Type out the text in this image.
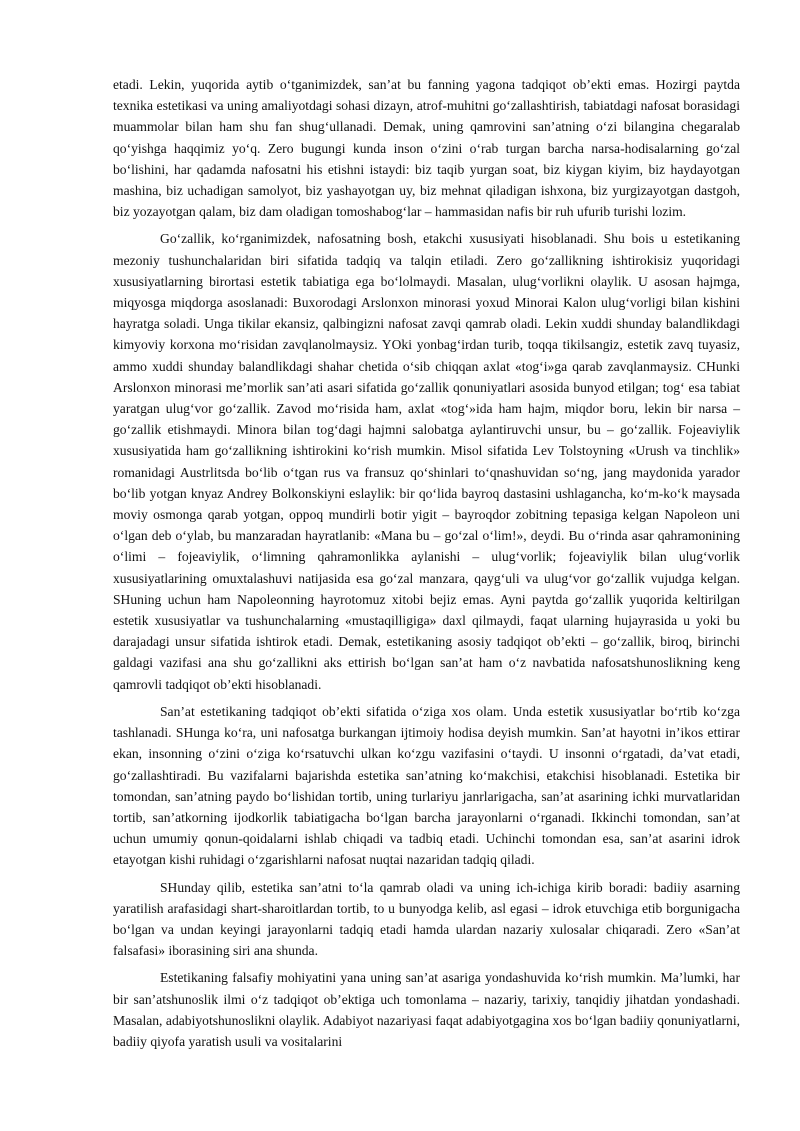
etadi. Lekin, yuqorida aytib o‘tganimizdek, san’at bu fanning yagona tadqiqot ob’ekti emas. Hozirgi paytda texnika estetikasi va uning amaliyotdagi sohasi dizayn, atrof-muhitni go‘zallashtirish, tabiatdagi nafosat borasidagi muammolar bilan ham shu fan shug‘ullanadi. Demak, uning qamrovini san’atning o‘zi bilangina chegaralab qo‘yishga haqqimiz yo‘q. Zero bugungi kunda inson o‘zini o‘rab turgan barcha narsa-hodisalarning go‘zal bo‘lishini, har qadamda nafosatni his etishni istaydi: biz taqib yurgan soat, biz kiygan kiyim, biz haydayotgan mashina, biz uchadigan samolyot, biz yashayotgan uy, biz mehnat qiladigan ishxona, biz yurgizayotgan dastgoh, biz yozayotgan qalam, biz dam oladigan tomoshabog‘lar – hammasidan nafis bir ruh ufurib turishi lozim.

Go‘zallik, ko‘rganimizdek, nafosatning bosh, etakchi xususiyati hisoblanadi. Shu bois u estetikaning mezoniy tushunchalaridan biri sifatida tadqiq va talqin etiladi. Zero go‘zallikning ishtirokisiz yuqoridagi xususiyatlarning birortasi estetik tabiatiga ega bo‘lolmaydi. Masalan, ulug‘vorlikni olaylik. U asosan hajmga, miqyosga miqdorga asoslanadi: Buxorodagi Arslonxon minorasi yoxud Minorai Kalon ulug‘vorligi bilan kishini hayratga soladi. Unga tikilar ekansiz, qalbingizni nafosat zavqi qamrab oladi. Lekin xuddi shunday balandlikdagi kimyoviy korxona mo‘risidan zavqlanolmaysiz. YOki yonbag‘irdan turib, toqqa tikilsangiz, estetik zavq tuyasiz, ammo xuddi shunday balandlikdagi shahar chetida o‘sib chiqqan axlat «tog‘i»ga qarab zavqlanmaysiz. CHunki Arslonxon minorasi me’morlik san’ati asari sifatida go‘zallik qonuniyatlari asosida bunyod etilgan; tog‘ esa tabiat yaratgan ulug‘vor go‘zallik. Zavod mo‘risida ham, axlat «tog‘»ida ham hajm, miqdor boru, lekin bir narsa –go‘zallik etishmaydi. Minora bilan tog‘dagi hajmni salobatga aylantiruvchi unsur, bu – go‘zallik. Fojeaviylik xususiyatida ham go‘zallikning ishtirokini ko‘rish mumkin. Misol sifatida Lev Tolstoyning «Urush va tinchlik» romanidagi Austrlitsda bo‘lib o‘tgan rus va fransuz qo‘shinlari to‘qnashuvidan so‘ng, jang maydonida yarador bo‘lib yotgan knyaz Andrey Bolkonskiyni eslaylik: bir qo‘lida bayroq dastasini ushlagancha, ko‘m-ko‘k maysada moviy osmonga qarab yotgan, oppoq mundirli botir yigit – bayroqdor zobitning tepasiga kelgan Napoleon uni o‘lgan deb o‘ylab, bu manzaradan hayratlanib: «Mana bu – go‘zal o‘lim!», deydi. Bu o‘rinda asar qahramonining o‘limi – fojeaviylik, o‘limning qahramonlikka aylanishi – ulug‘vorlik; fojeaviylik bilan ulug‘vorlik xususiyatlarining omuxtalashuvi natijasida esa go‘zal manzara, qayg‘uli va ulug‘vor go‘zallik vujudga kelgan. SHuning uchun ham Napoleonning hayrotomuz xitobi bejiz emas. Ayni paytda go‘zallik yuqorida keltirilgan estetik xususiyatlar va tushunchalarning «mustaqilligiga» daxl qilmaydi, faqat ularning hujayrasida u yoki bu darajadagi unsur sifatida ishtirok etadi. Demak, estetikaning asosiy tadqiqot ob’ekti – go‘zallik, biroq, birinchi galdagi vazifasi ana shu go‘zallikni aks ettirish bo‘lgan san’at ham o‘z navbatida nafosatshunoslikning keng qamrovli tadqiqot ob’ekti hisoblanadi.

San’at estetikaning tadqiqot ob’ekti sifatida o‘ziga xos olam. Unda estetik xususiyatlar bo‘rtib ko‘zga tashlanadi. SHunga ko‘ra, uni nafosatga burkangan ijtimoiy hodisa deyish mumkin. San’at hayotni in’ikos ettirar ekan, insonning o‘zini o‘ziga ko‘rsatuvchi ulkan ko‘zgu vazifasini o‘taydi. U insonni o‘rgatadi, da’vat etadi, go‘zallashtiradi. Bu vazifalarni bajarishda estetika san’atning ko‘makchisi, etakchisi hisoblanadi. Estetika bir tomondan, san’atning paydo bo‘lishidan tortib, uning turlariyu janrlarigacha, san’at asarining ichki murvatlaridan tortib, san’atkorning ijodkorlik tabiatigacha bo‘lgan barcha jarayonlarni o‘rganadi. Ikkinchi tomondan, san’at uchun umumiy qonun-qoidalarni ishlab chiqadi va tadbiq etadi. Uchinchi tomondan esa, san’at asarini idrok etayotgan kishi ruhidagi o‘zgarishlarni nafosat nuqtai nazaridan tadqiq qiladi.

SHunday qilib, estetika san’atni to‘la qamrab oladi va uning ich-ichiga kirib boradi: badiiy asarning yaratilish arafasidagi shart-sharoitlardan tortib, to u bunyodga kelib, asl egasi – idrok etuvchiga etib borgunigacha bo‘lgan va undan keyingi jarayonlarni tadqiq etadi hamda ulardan nazariy xulosalar chiqaradi. Zero «San’at falsafasi» iborasining siri ana shunda.

Estetikaning falsafiy mohiyatini yana uning san’at asariga yondashuvida ko‘rish mumkin. Ma’lumki, har bir san’atshunoslik ilmi o‘z tadqiqot ob’ektiga uch tomonlama – nazariy, tarixiy, tanqidiy jihatdan yondashadi. Masalan, adabiyotshunoslikni olaylik. Adabiyot nazariyasi faqat adabiyotgagina xos bo‘lgan badiiy qonuniyatlarni, badiiy qiyofa yaratish usuli va vositalarini
